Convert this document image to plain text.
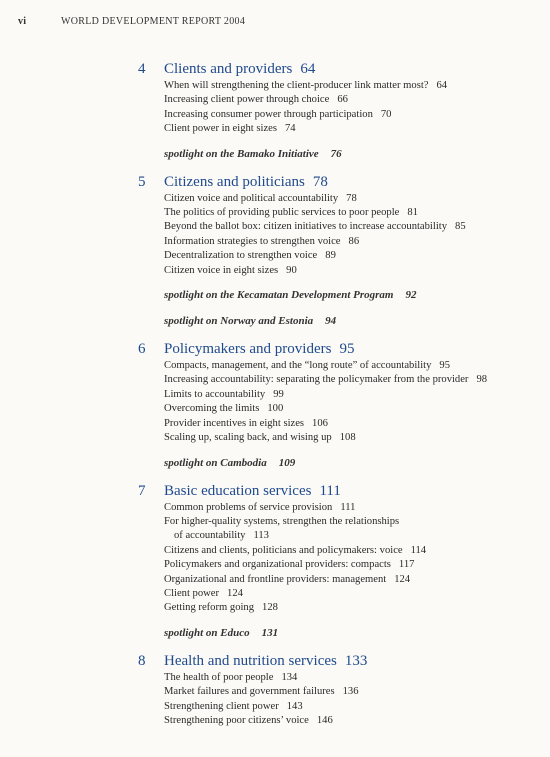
vi	WORLD DEVELOPMENT REPORT 2004
4	Clients and providers 64
When will strengthening the client-producer link matter most? 64
Increasing client power through choice 66
Increasing consumer power through participation 70
Client power in eight sizes 74
spotlight on the Bamako Initiative 76
5	Citizens and politicians 78
Citizen voice and political accountability 78
The politics of providing public services to poor people 81
Beyond the ballot box: citizen initiatives to increase accountability 85
Information strategies to strengthen voice 86
Decentralization to strengthen voice 89
Citizen voice in eight sizes 90
spotlight on the Kecamatan Development Program 92
spotlight on Norway and Estonia 94
6	Policymakers and providers 95
Compacts, management, and the “long route” of accountability 95
Increasing accountability: separating the policymaker from the provider 98
Limits to accountability 99
Overcoming the limits 100
Provider incentives in eight sizes 106
Scaling up, scaling back, and wising up 108
spotlight on Cambodia 109
7	Basic education services 111
Common problems of service provision 111
For higher-quality systems, strengthen the relationships
of accountability 113
Citizens and clients, politicians and policymakers: voice 114
Policymakers and organizational providers: compacts 117
Organizational and frontline providers: management 124
Client power 124
Getting reform going 128
spotlight on Educo 131
8	Health and nutrition services 133
The health of poor people 134
Market failures and government failures 136
Strengthening client power 143
Strengthening poor citizens’ voice 146
